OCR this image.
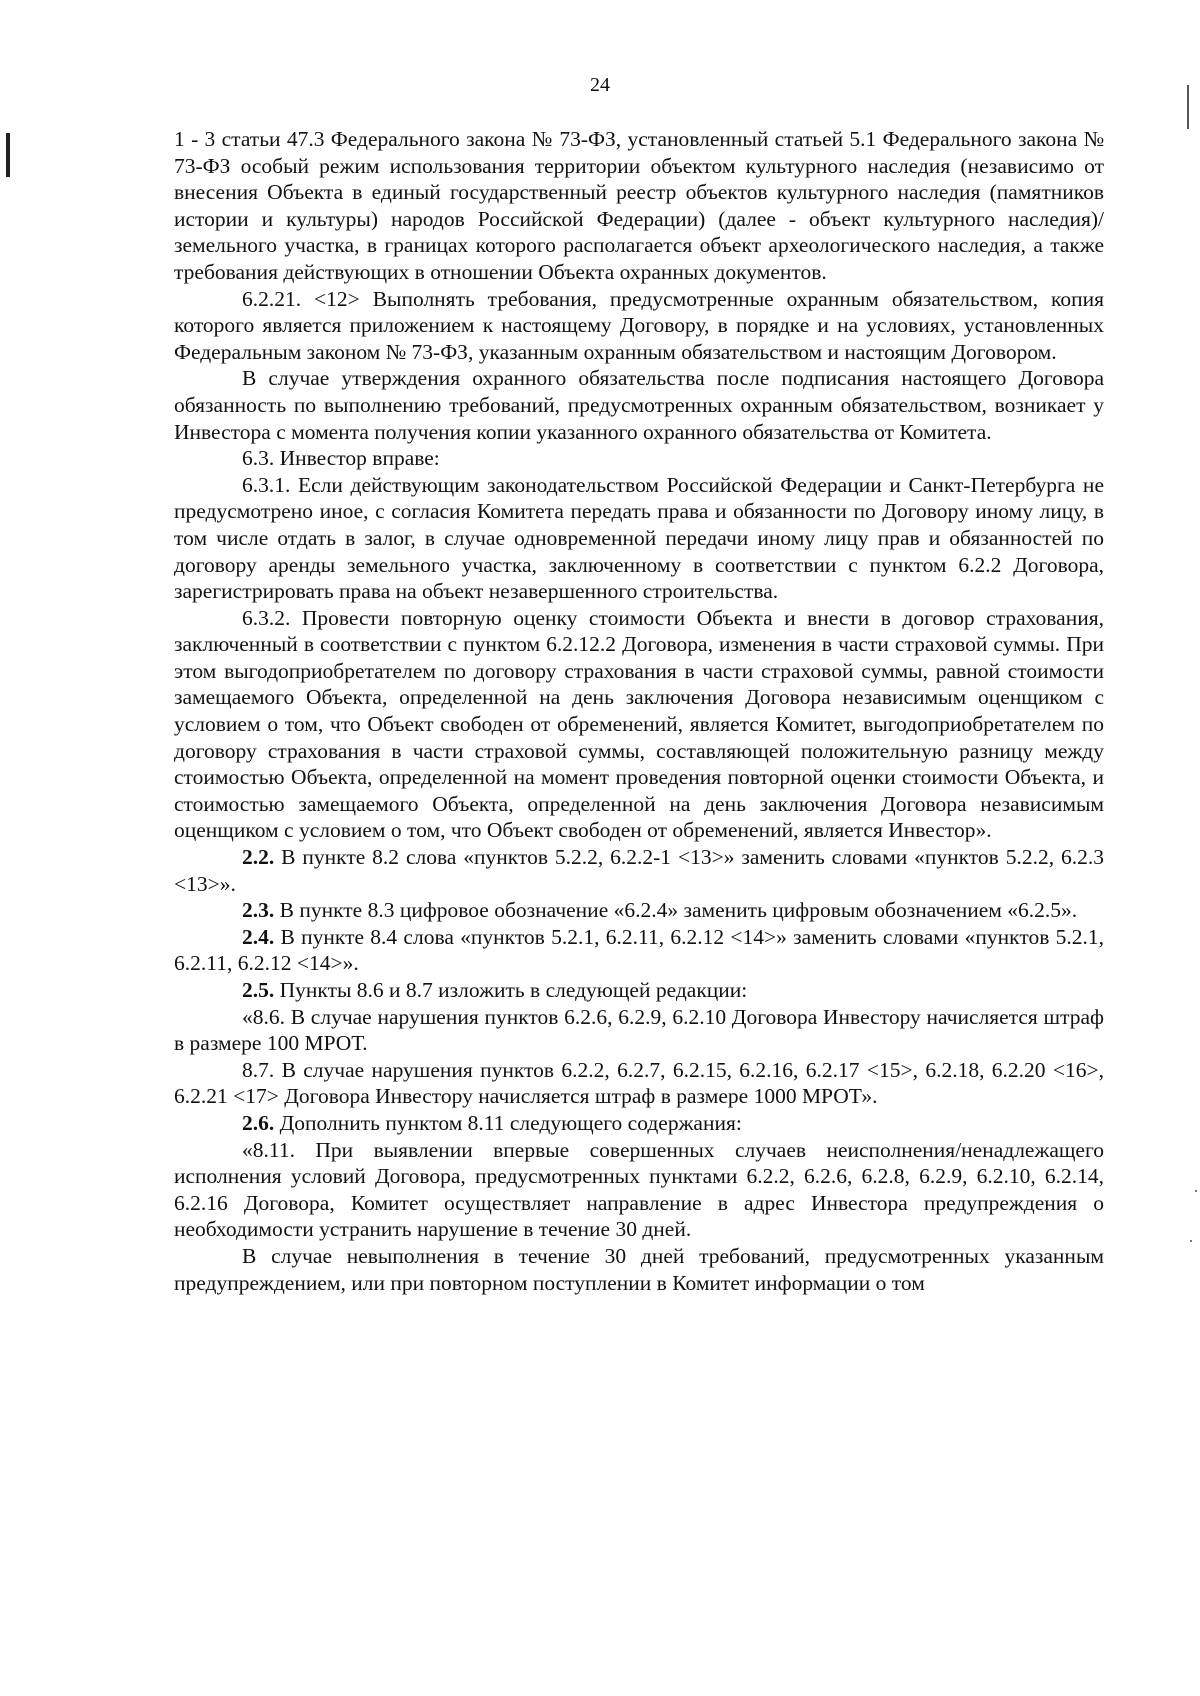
24

1 - 3 статьи 47.3 Федерального закона № 73-ФЗ, установленный статьей 5.1 Федерального закона № 73-ФЗ особый режим использования территории объектом культурного наследия (независимо от внесения Объекта в единый государственный реестр объектов культурного наследия (памятников истории и культуры) народов Российской Федерации) (далее - объект культурного наследия)/земельного участка, в границах которого располагается объект археологического наследия, а также требования действующих в отношении Объекта охранных документов.

6.2.21. <12> Выполнять требования, предусмотренные охранным обязательством, копия которого является приложением к настоящему Договору, в порядке и на условиях, установленных Федеральным законом № 73-ФЗ, указанным охранным обязательством и настоящим Договором.

В случае утверждения охранного обязательства после подписания настоящего Договора обязанность по выполнению требований, предусмотренных охранным обязательством, возникает у Инвестора с момента получения копии указанного охранного обязательства от Комитета.

6.3. Инвестор вправе:

6.3.1. Если действующим законодательством Российской Федерации и Санкт-Петербурга не предусмотрено иное, с согласия Комитета передать права и обязанности по Договору иному лицу, в том числе отдать в залог, в случае одновременной передачи иному лицу прав и обязанностей по договору аренды земельного участка, заключенному в соответствии с пунктом 6.2.2 Договора, зарегистрировать права на объект незавершенного строительства.

6.3.2. Провести повторную оценку стоимости Объекта и внести в договор страхования, заключенный в соответствии с пунктом 6.2.12.2 Договора, изменения в части страховой суммы. При этом выгодоприобретателем по договору страхования в части страховой суммы, равной стоимости замещаемого Объекта, определенной на день заключения Договора независимым оценщиком с условием о том, что Объект свободен от обременений, является Комитет, выгодоприобретателем по договору страхования в части страховой суммы, составляющей положительную разницу между стоимостью Объекта, определенной на момент проведения повторной оценки стоимости Объекта, и стоимостью замещаемого Объекта, определенной на день заключения Договора независимым оценщиком с условием о том, что Объект свободен от обременений, является Инвестор».

2.2. В пункте 8.2 слова «пунктов 5.2.2, 6.2.2-1 <13>» заменить словами «пунктов 5.2.2, 6.2.3 <13>».

2.3. В пункте 8.3 цифровое обозначение «6.2.4» заменить цифровым обозначением «6.2.5».

2.4. В пункте 8.4 слова «пунктов 5.2.1, 6.2.11, 6.2.12 <14>» заменить словами «пунктов 5.2.1, 6.2.11, 6.2.12 <14>».

2.5. Пункты 8.6 и 8.7 изложить в следующей редакции:

«8.6. В случае нарушения пунктов 6.2.6, 6.2.9, 6.2.10 Договора Инвестору начисляется штраф в размере 100 МРОТ.

8.7. В случае нарушения пунктов 6.2.2, 6.2.7, 6.2.15, 6.2.16, 6.2.17 <15>, 6.2.18, 6.2.20 <16>, 6.2.21 <17> Договора Инвестору начисляется штраф в размере 1000 МРОТ».

2.6. Дополнить пунктом 8.11 следующего содержания:

«8.11. При выявлении впервые совершенных случаев неисполнения/ненадлежащего исполнения условий Договора, предусмотренных пунктами 6.2.2, 6.2.6, 6.2.8, 6.2.9, 6.2.10, 6.2.14, 6.2.16 Договора, Комитет осуществляет направление в адрес Инвестора предупреждения о необходимости устранить нарушение в течение 30 дней.

В случае невыполнения в течение 30 дней требований, предусмотренных указанным предупреждением, или при повторном поступлении в Комитет информации о том
